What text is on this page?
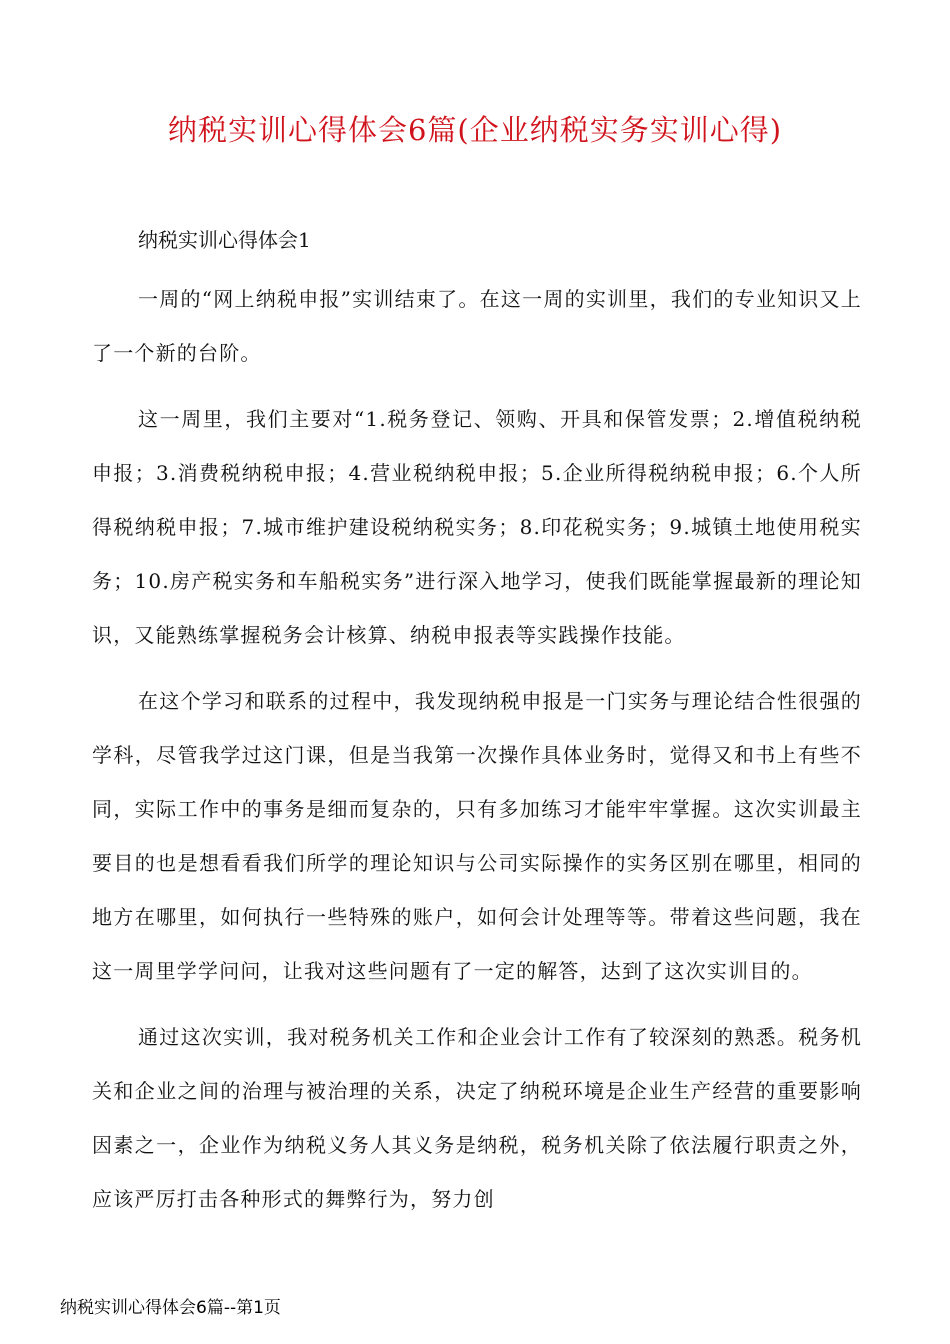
纳税实训心得体会6篇(企业纳税实务实训心得)

纳税实训心得体会1

一周的“网上纳税申报”实训结束了。在这一周的实训里，我们的专业知识又上了一个新的台阶。

这一周里，我们主要对“1.税务登记、领购、开具和保管发票；2.增值税纳税申报；3.消费税纳税申报；4.营业税纳税申报；5.企业所得税纳税申报；6.个人所得税纳税申报；7.城市维护建设税纳税实务；8.印花税实务；9.城镇土地使用税实务；10.房产税实务和车船税实务”进行深入地学习，使我们既能掌握最新的理论知识，又能熟练掌握税务会计核算、纳税申报表等实践操作技能。

在这个学习和联系的过程中，我发现纳税申报是一门实务与理论结合性很强的学科，尽管我学过这门课，但是当我第一次操作具体业务时，觉得又和书上有些不同，实际工作中的事务是细而复杂的，只有多加练习才能牢牢掌握。这次实训最主要目的也是想看看我们所学的理论知识与公司实际操作的实务区别在哪里，相同的地方在哪里，如何执行一些特殊的账户，如何会计处理等等。带着这些问题，我在这一周里学学问问，让我对这些问题有了一定的解答，达到了这次实训目的。

通过这次实训，我对税务机关工作和企业会计工作有了较深刻的熟悉。税务机关和企业之间的治理与被治理的关系，决定了纳税环境是企业生产经营的重要影响因素之一，企业作为纳税义务人其义务是纳税，税务机关除了依法履行职责之外，应该严厉打击各种形式的舞弊行为，努力创

纳税实训心得体会6篇--第1页
